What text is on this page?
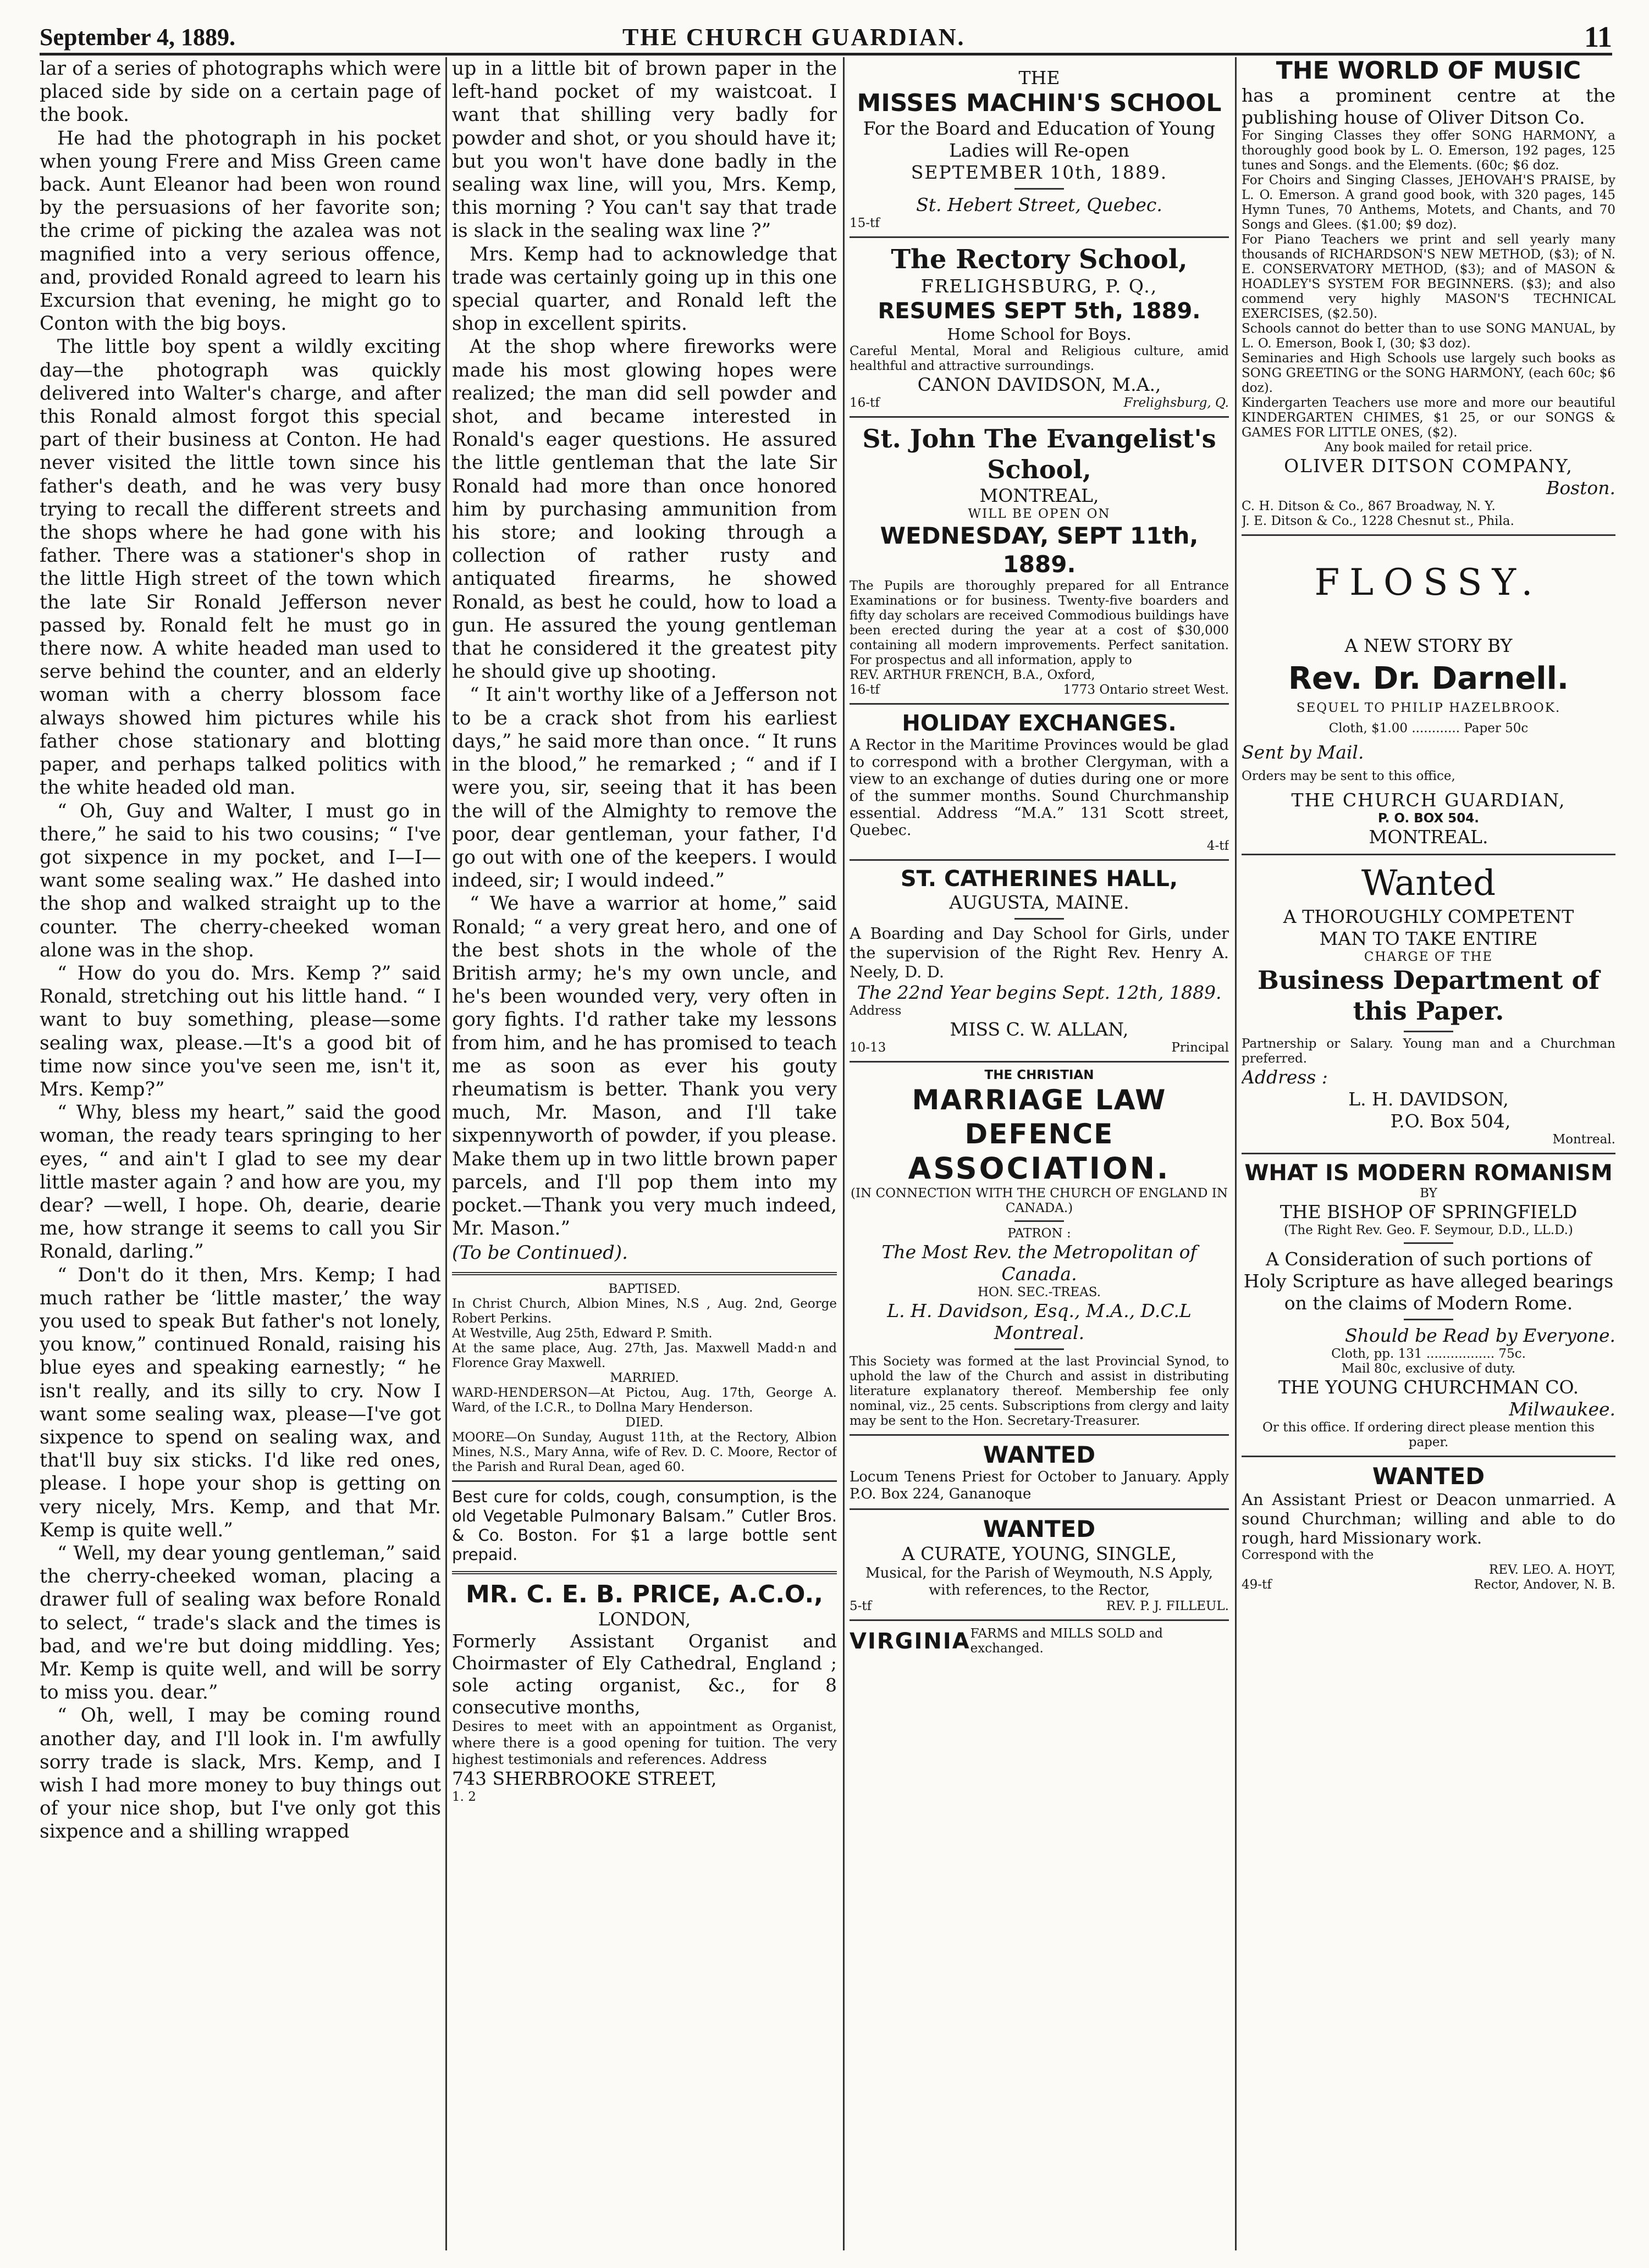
September 4, 1889.	THE CHURCH GUARDIAN.	11

lar of a series of photographs which were placed side by side on a certain page of the book.

He had the photograph in his pocket when young Frere and Miss Green came back. Aunt Eleanor had been won round by the persuasions of her favorite son; the crime of picking the azalea was not magnified into a very serious offence, and, provided Ronald agreed to learn his Excursion that evening, he might go to Conton with the big boys.

The little boy spent a wildly exciting day—the photograph was quickly delivered into Walter's charge, and after this Ronald almost forgot this special part of their business at Conton. He had never visited the little town since his father's death, and he was very busy trying to recall the different streets and the shops where he had gone with his father. There was a stationer's shop in the little High street of the town which the late Sir Ronald Jefferson never passed by. Ronald felt he must go in there now. A white headed man used to serve behind the counter, and an elderly woman with a cherry blossom face always showed him pictures while his father chose stationary and blotting paper, and perhaps talked politics with the white headed old man.

“ Oh, Guy and Walter, I must go in there,” he said to his two cousins; “ I've got sixpence in my pocket, and I—I—want some sealing wax.” He dashed into the shop and walked straight up to the counter. The cherry-cheeked woman alone was in the shop.

“ How do you do. Mrs. Kemp ?” said Ronald, stretching out his little hand. “ I want to buy something, please—some sealing wax, please.—It's a good bit of time now since you've seen me, isn't it, Mrs. Kemp?”

“ Why, bless my heart,” said the good woman, the ready tears springing to her eyes, “ and ain't I glad to see my dear little master again ? and how are you, my dear? —well, I hope. Oh, dearie, dearie me, how strange it seems to call you Sir Ronald, darling.”

“ Don't do it then, Mrs. Kemp; I had much rather be ‘little master,’ the way you used to speak But father's not lonely, you know,” continued Ronald, raising his blue eyes and speaking earnestly; “ he isn't really, and its silly to cry. Now I want some sealing wax, please—I've got sixpence to spend on sealing wax, and that'll buy six sticks. I'd like red ones, please. I hope your shop is getting on very nicely, Mrs. Kemp, and that Mr. Kemp is quite well.”

“ Well, my dear young gentleman,” said the cherry-cheeked woman, placing a drawer full of sealing wax before Ronald to select, “ trade's slack and the times is bad, and we're but doing middling. Yes; Mr. Kemp is quite well, and will be sorry to miss you. dear.”

“ Oh, well, I may be coming round another day, and I'll look in. I'm awfully sorry trade is slack, Mrs. Kemp, and I wish I had more money to buy things out of your nice shop, but I've only got this sixpence and a shilling wrapped

up in a little bit of brown paper in the left-hand pocket of my waistcoat. I want that shilling very badly for powder and shot, or you should have it; but you won't have done badly in the sealing wax line, will you, Mrs. Kemp, this morning ? You can't say that trade is slack in the sealing wax line ?”

Mrs. Kemp had to acknowledge that trade was certainly going up in this one special quarter, and Ronald left the shop in excellent spirits.

At the shop where fireworks were made his most glowing hopes were realized; the man did sell powder and shot, and became interested in Ronald's eager questions. He assured the little gentleman that the late Sir Ronald had more than once honored him by purchasing ammunition from his store; and looking through a collection of rather rusty and antiquated firearms, he showed Ronald, as best he could, how to load a gun. He assured the young gentleman that he considered it the greatest pity he should give up shooting.

“ It ain't worthy like of a Jefferson not to be a crack shot from his earliest days,” he said more than once. “ It runs in the blood,” he remarked ; “ and if I were you, sir, seeing that it has been the will of the Almighty to remove the poor, dear gentleman, your father, I'd go out with one of the keepers. I would indeed, sir; I would indeed.”

“ We have a warrior at home,” said Ronald; “ a very great hero, and one of the best shots in the whole of the British army; he's my own uncle, and he's been wounded very, very often in gory fights. I'd rather take my lessons from him, and he has promised to teach me as soon as ever his gouty rheumatism is better. Thank you very much, Mr. Mason, and I'll take sixpennyworth of powder, if you please. Make them up in two little brown paper parcels, and I'll pop them into my pocket.—Thank you very much indeed, Mr. Mason.”

(To be Continued).

BAPTISED.

In Christ Church, Albion Mines, N.S , Aug. 2nd, George Robert Perkins.

At Westville, Aug 25th, Edward P. Smith.

At the same place, Aug. 27th, Jas. Maxwell Madd·n and Florence Gray Maxwell.

MARRIED.

WARD-HENDERSON—At Pictou, Aug. 17th, George A. Ward, of the I.C.R., to Dollna Mary Henderson.

DIED.

MOORE—On Sunday, August 11th, at the Rectory, Albion Mines, N.S., Mary Anna, wife of Rev. D. C. Moore, Rector of the Parish and Rural Dean, aged 60.

Best cure for colds, cough, consumption, is the old Vegetable Pulmonary Balsam.” Cutler Bros. & Co. Boston. For $1 a large bottle sent prepaid.

MR. C. E. B. PRICE, A.C.O.,

LONDON,

Formerly Assistant Organist and Choirmaster of Ely Cathedral, England ; sole acting organist, &c., for 8 consecutive months,

Desires to meet with an appointment as Organist, where there is a good opening for tuition. The very highest testimonials and references. Address

743 SHERBROOKE STREET,

1. 2

THE

MISSES MACHIN'S SCHOOL

For the Board and Education of Young Ladies will Re-open

SEPTEMBER 10th, 1889.

St. Hebert Street, Quebec.

15-tf

The Rectory School,

FRELIGHSBURG, P. Q.,

RESUMES SEPT 5th, 1889.

Home School for Boys.

Careful Mental, Moral and Religious culture, amid healthful and attractive surroundings.

CANON DAVIDSON, M.A.,

16-tf	Frelighsburg, Q.

St. John The Evangelist's School,

MONTREAL,

WILL BE OPEN ON

WEDNESDAY, SEPT 11th, 1889.

The Pupils are thoroughly prepared for all Entrance Examinations or for business. Twenty-five boarders and fifty day scholars are received Commodious buildings have been erected during the year at a cost of $30,000 containing all modern improvements. Perfect sanitation. For prospectus and all information, apply to

REV. ARTHUR FRENCH, B.A., Oxford,

16-tf	1773 Ontario street West.

HOLIDAY EXCHANGES.

A Rector in the Maritime Provinces would be glad to correspond with a brother Clergyman, with a view to an exchange of duties during one or more of the summer months. Sound Churchmanship essential. Address “M.A.” 131 Scott street, Quebec.

4-tf

ST. CATHERINES HALL,

AUGUSTA, MAINE.

A Boarding and Day School for Girls, under the supervision of the Right Rev. Henry A. Neely, D. D.

The 22nd Year begins Sept. 12th, 1889.

Address

MISS C. W. ALLAN,

10-13	Principal

THE CHRISTIAN

MARRIAGE LAW DEFENCE

ASSOCIATION.

(IN CONNECTION WITH THE CHURCH OF ENGLAND IN CANADA.)

PATRON :

The Most Rev. the Metropolitan of Canada.

HON. SEC.-TREAS.

L. H. Davidson, Esq., M.A., D.C.L Montreal.

This Society was formed at the last Provincial Synod, to uphold the law of the Church and assist in distributing literature explanatory thereof. Membership fee only nominal, viz., 25 cents. Subscriptions from clergy and laity may be sent to the Hon. Secretary-Treasurer.

WANTED

Locum Tenens Priest for October to January. Apply P.O. Box 224, Gananoque

WANTED

A CURATE, YOUNG, SINGLE,

Musical, for the Parish of Weymouth, N.S Apply, with references, to the Rector,

5-tf	REV. P. J. FILLEUL.
VIRGINIA FARMS and MILLS SOLD and exchanged.

THE WORLD OF MUSIC

has a prominent centre at the publishing house of Oliver Ditson Co.

For Singing Classes they offer SONG HARMONY, a thoroughly good book by L. O. Emerson, 192 pages, 125 tunes and Songs. and the Elements. (60c; $6 doz.

For Choirs and Singing Classes, JEHOVAH'S PRAISE, by L. O. Emerson. A grand good book, with 320 pages, 145 Hymn Tunes, 70 Anthems, Motets, and Chants, and 70 Songs and Glees. ($1.00; $9 doz).

For Piano Teachers we print and sell yearly many thousands of RICHARDSON'S NEW METHOD, ($3); of N. E. CONSERVATORY METHOD, ($3); and of MASON & HOADLEY'S SYSTEM FOR BEGINNERS. ($3); and also commend very highly MASON'S TECHNICAL EXERCISES, ($2.50).

Schools cannot do better than to use SONG MANUAL, by L. O. Emerson, Book I, (30; $3 doz).

Seminaries and High Schools use largely such books as SONG GREETING or the SONG HARMONY, (each 60c; $6 doz).

Kindergarten Teachers use more and more our beautiful KINDERGARTEN CHIMES, $1 25, or our SONGS & GAMES FOR LITTLE ONES, ($2).

Any book mailed for retail price.

OLIVER DITSON COMPANY,

Boston.

C. H. Ditson & Co., 867 Broadway, N. Y.

J. E. Ditson & Co., 1228 Chesnut st., Phila.

FLOSSY.

A NEW STORY BY

Rev. Dr. Darnell.

SEQUEL TO PHILIP HAZELBROOK.

Cloth, $1.00 ............ Paper 50c

Sent by Mail.

Orders may be sent to this office,

THE CHURCH GUARDIAN,

P. O. BOX 504.

MONTREAL.

Wanted

A THOROUGHLY COMPETENT

MAN TO TAKE ENTIRE

CHARGE OF THE

Business Department of this Paper.

Partnership or Salary. Young man and a Churchman preferred.

Address :

L. H. DAVIDSON,

P.O. Box 504,

Montreal.

WHAT IS MODERN ROMANISM

BY

THE BISHOP OF SPRINGFIELD

(The Right Rev. Geo. F. Seymour, D.D., LL.D.)

A Consideration of such portions of Holy Scripture as have alleged bearings on the claims of Modern Rome.

Should be Read by Everyone.

Cloth, pp. 131 ................. 75c.

Mail 80c, exclusive of duty.

THE YOUNG CHURCHMAN CO.

Milwaukee.

Or this office. If ordering direct please mention this paper.

WANTED

An Assistant Priest or Deacon unmarried. A sound Churchman; willing and able to do rough, hard Missionary work.

Correspond with the

REV. LEO. A. HOYT,

49-tf	Rector, Andover, N. B.
